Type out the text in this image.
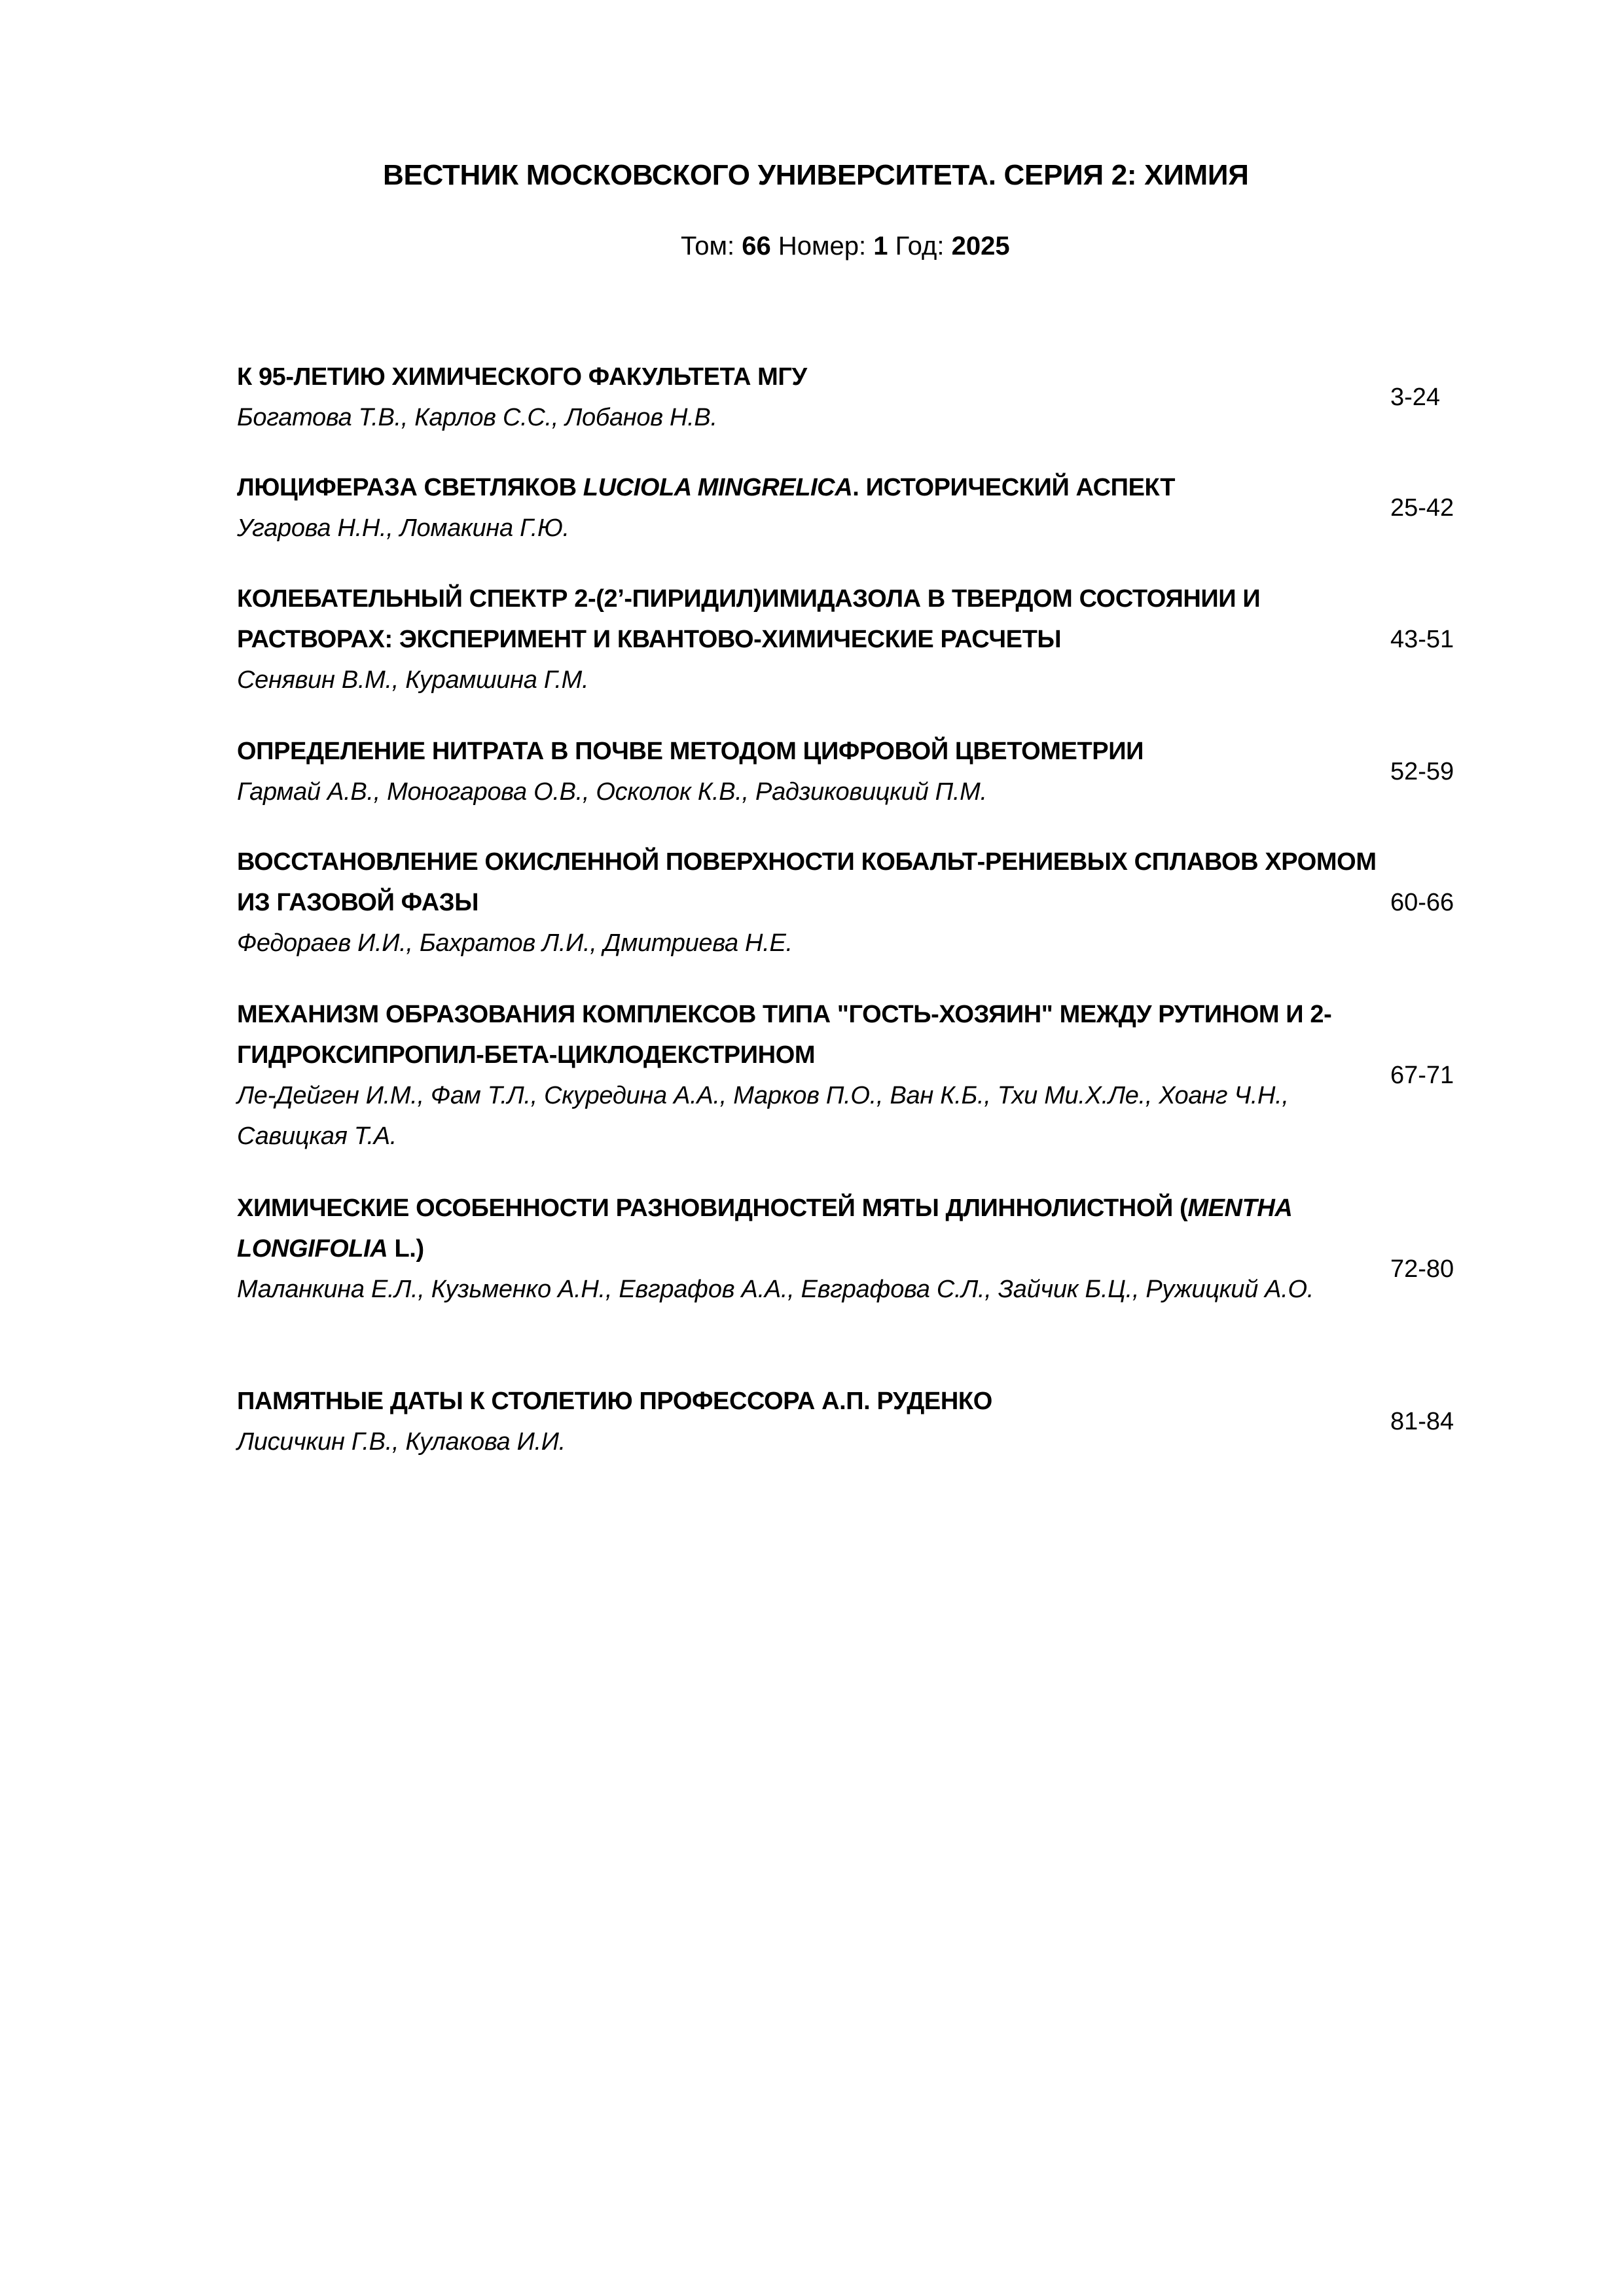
ВЕСТНИК МОСКОВСКОГО УНИВЕРСИТЕТА. СЕРИЯ 2: ХИМИЯ
Том: 66 Номер: 1 Год: 2025
К 95-ЛЕТИЮ ХИМИЧЕСКОГО ФАКУЛЬТЕТА МГУ
Богатова Т.В., Карлов С.С., Лобанов Н.В.
3-24
ЛЮЦИФЕРАЗА СВЕТЛЯКОВ LUCIOLA MINGRELICA. ИСТОРИЧЕСКИЙ АСПЕКТ
Угарова Н.Н., Ломакина Г.Ю.
25-42
КОЛЕБАТЕЛЬНЫЙ СПЕКТР 2-(2’-ПИРИДИЛ)ИМИДАЗОЛА В ТВЕРДОМ СОСТОЯНИИ И РАСТВОРАХ: ЭКСПЕРИМЕНТ И КВАНТОВО-ХИМИЧЕСКИЕ РАСЧЕТЫ
Сенявин В.М., Курамшина Г.М.
43-51
ОПРЕДЕЛЕНИЕ НИТРАТА В ПОЧВЕ МЕТОДОМ ЦИФРОВОЙ ЦВЕТОМЕТРИИ
Гармай А.В., Моногарова О.В., Осколок К.В., Радзиковицкий П.М.
52-59
ВОССТАНОВЛЕНИЕ ОКИСЛЕННОЙ ПОВЕРХНОСТИ КОБАЛЬТ-РЕНИЕВЫХ СПЛАВОВ ХРОМОМ ИЗ ГАЗОВОЙ ФАЗЫ
Федораев И.И., Бахратов Л.И., Дмитриева Н.Е.
60-66
МЕХАНИЗМ ОБРАЗОВАНИЯ КОМПЛЕКСОВ ТИПА "ГОСТЬ-ХОЗЯИН" МЕЖДУ РУТИНОМ И 2-ГИДРОКСИПРОПИЛ-БЕТА-ЦИКЛОДЕКСТРИНОМ
Ле-Дейген И.М., Фам Т.Л., Скуредина А.А., Марков П.О., Ван К.Б., Тхи Ми.Х.Ле., Хоанг Ч.Н., Савицкая Т.А.
67-71
ХИМИЧЕСКИЕ ОСОБЕННОСТИ РАЗНОВИДНОСТЕЙ МЯТЫ ДЛИННОЛИСТНОЙ (MENTHA LONGIFOLIA L.)
Маланкина Е.Л., Кузьменко А.Н., Евграфов А.А., Евграфова С.Л., Зайчик Б.Ц., Ружицкий А.О.
72-80
ПАМЯТНЫЕ ДАТЫ К СТОЛЕТИЮ ПРОФЕССОРА А.П. РУДЕНКО
Лисичкин Г.В., Кулакова И.И.
81-84
